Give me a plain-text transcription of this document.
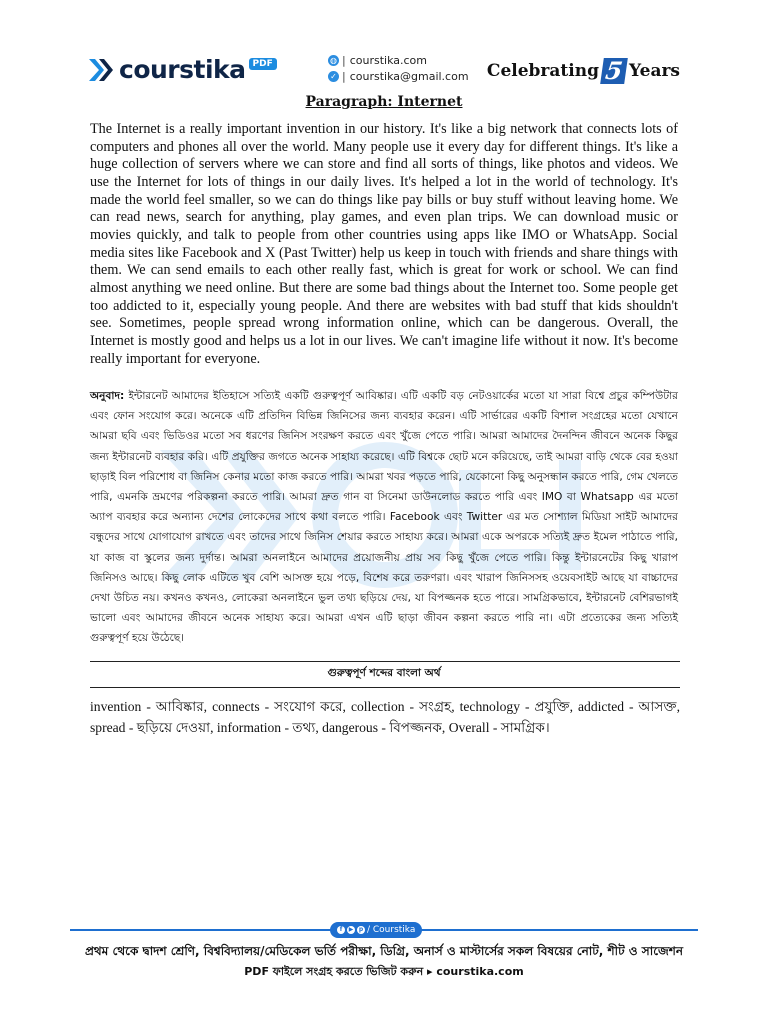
courstika PDF	◍ | courstika.com
✓ | courstika@gmail.com Celebrating 5 Years
Paragraph: Internet
The Internet is a really important invention in our history. It's like a big network that connects lots of computers and phones all over the world. Many people use it every day for different things. It's like a huge collection of servers where we can store and find all sorts of things, like photos and videos. We use the Internet for lots of things in our daily lives. It's helped a lot in the world of technology. It's made the world feel smaller, so we can do things like pay bills or buy stuff without leaving home. We can read news, search for anything, play games, and even plan trips. We can download music or movies quickly, and talk to people from other countries using apps like IMO or WhatsApp. Social media sites like Facebook and X (Past Twitter) help us keep in touch with friends and share things with them. We can send emails to each other really fast, which is great for work or school. We can find almost anything we need online. But there are some bad things about the Internet too. Some people get too addicted to it, especially young people. And there are websites with bad stuff that kids shouldn't see. Sometimes, people spread wrong information online, which can be dangerous. Overall, the Internet is mostly good and helps us a lot in our lives. We can't imagine life without it now. It's become really important for everyone.
অনুবাদ: ইন্টারনেট আমাদের ইতিহাসে সত্যিই একটি গুরুত্বপূর্ণ আবিষ্কার। এটি একটি বড় নেটওয়ার্কের মতো যা সারা বিশ্বে প্রচুর কম্পিউটার এবং ফোন সংযোগ করে। অনেকে এটি প্রতিদিন বিভিন্ন জিনিসের জন্য ব্যবহার করেন। এটি সার্ভারের একটি বিশাল সংগ্রহের মতো যেখানে আমরা ছবি এবং ভিডিওর মতো সব ধরণের জিনিস সংরক্ষণ করতে এবং খুঁজে পেতে পারি। আমরা আমাদের দৈনন্দিন জীবনে অনেক কিছুর জন্য ইন্টারনেট ব্যবহার করি। এটি প্রযুক্তির জগতে অনেক সাহায্য করেছে। এটি বিশ্বকে ছোট মনে করিয়েছে, তাই আমরা বাড়ি থেকে বের হওয়া ছাড়াই বিল পরিশোধ বা জিনিস কেনার মতো কাজ করতে পারি। আমরা খবর পড়তে পারি, যেকোনো কিছু অনুসন্ধান করতে পারি, গেম খেলতে পারি, এমনকি ভ্রমণের পরিকল্পনা করতে পারি। আমরা দ্রুত গান বা সিনেমা ডাউনলোড করতে পারি এবং IMO বা Whatsapp এর মতো অ্যাপ ব্যবহার করে অন্যান্য দেশের লোকেদের সাথে কথা বলতে পারি। Facebook এবং Twitter এর মত সোশ্যাল মিডিয়া সাইট আমাদের বন্ধুদের সাথে যোগাযোগ রাখতে এবং তাদের সাথে জিনিস শেয়ার করতে সাহায্য করে। আমরা একে অপরকে সত্যিই দ্রুত ইমেল পাঠাতে পারি, যা কাজ বা স্কুলের জন্য দুর্দান্ত। আমরা অনলাইনে আমাদের প্রয়োজনীয় প্রায় সব কিছু খুঁজে পেতে পারি। কিন্তু ইন্টারনেটের কিছু খারাপ জিনিসও আছে। কিছু লোক এটিতে খুব বেশি আসক্ত হয়ে পড়ে, বিশেষ করে তরুণরা। এবং খারাপ জিনিসসহ ওয়েবসাইট আছে যা বাচ্চাদের দেখা উচিত নয়। কখনও কখনও, লোকেরা অনলাইনে ভুল তথ্য ছড়িয়ে দেয়, যা বিপজ্জনক হতে পারে। সামগ্রিকভাবে, ইন্টারনেট বেশিরভাগই ভালো এবং আমাদের জীবনে অনেক সাহায্য করে। আমরা এখন এটি ছাড়া জীবন কল্পনা করতে পারি না। এটা প্রত্যেকের জন্য সত্যিই গুরুত্বপূর্ণ হয়ে উঠেছে।
গুরুত্বপূর্ণ শব্দের বাংলা অর্থ
invention - আবিষ্কার, connects - সংযোগ করে, collection - সংগ্রহ, technology - প্রযুক্তি, addicted - আসক্ত, spread - ছড়িয়ে দেওয়া, information - তথ্য, dangerous - বিপজ্জনক, Overall - সামগ্রিক।
f	▶ p / Courstika
প্রথম থেকে দ্বাদশ শ্রেণি, বিশ্ববিদ্যালয়/মেডিকেল ভর্তি পরীক্ষা, ডিগ্রি, অনার্স ও মাস্টার্সের সকল বিষয়ের নোট, শীট ও সাজেশন
PDF ফাইলে সংগ্রহ করতে ভিজিট করুন ▸ courstika.com
